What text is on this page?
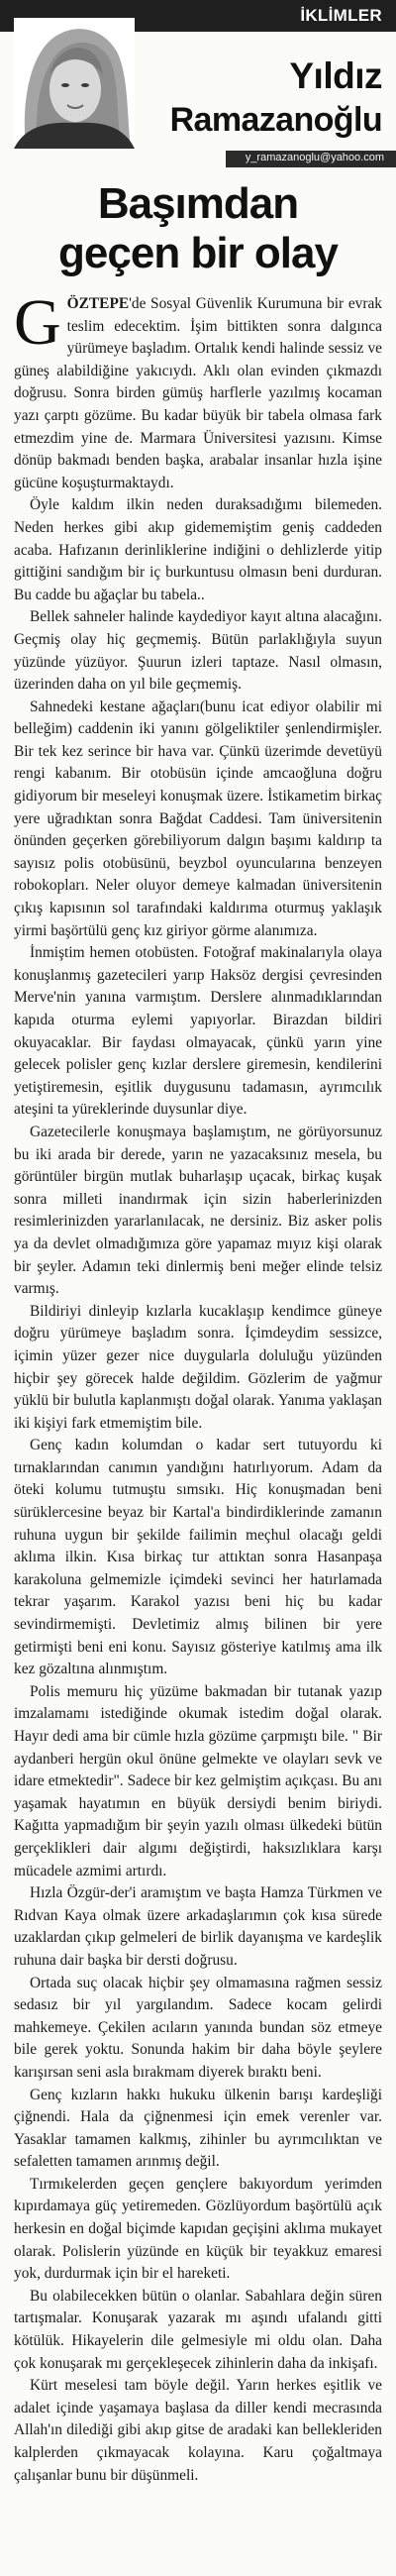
İKLİMLER
Yıldız
Ramazanoğlu
y_ramazanoglu@yahoo.com
Başımdan
geçen bir olay

GÖZTEPE'de Sosyal Güvenlik Kurumuna bir evrak teslim edecektim. İşim bittikten sonra dalgınca yürümeye başladım. Ortalık kendi halinde sessiz ve güneş alabildiğine yakıcıydı. Aklı olan evinden çıkmazdı doğrusu. Sonra birden gümüş harflerle yazılmış kocaman yazı çarptı gözüme. Bu kadar büyük bir tabela olmasa fark etmezdim yine de. Marmara Üniversitesi yazısını. Kimse dönüp bakmadı benden başka, arabalar insanlar hızla işine gücüne koşuşturmaktaydı.

Öyle kaldım ilkin neden duraksadığımı bilemeden. Neden herkes gibi akıp gidememiştim geniş caddeden acaba. Hafızanın derinliklerine indiğini o dehlizlerde yitip gittiğini sandığım bir iç burkuntusu olmasın beni durduran. Bu cadde bu ağaçlar bu tabela..

Bellek sahneler halinde kaydediyor kayıt altına alacağını. Geçmiş olay hiç geçmemiş. Bütün parlaklığıyla suyun yüzünde yüzüyor. Şuurun izleri taptaze. Nasıl olmasın, üzerinden daha on yıl bile geçmemiş.

Sahnedeki kestane ağaçları(bunu icat ediyor olabilir mi belleğim) caddenin iki yanını gölgeliktiler şenlendirmişler. Bir tek kez serince bir hava var. Çünkü üzerimde devetüyü rengi kabanım. Bir otobüsün içinde amcaoğluna doğru gidiyorum bir meseleyi konuşmak üzere. İstikametim birkaç yere uğradıktan sonra Bağdat Caddesi. Tam üniversitenin önünden geçerken görebiliyorum dalgın başımı kaldırıp ta sayısız polis otobüsünü, beyzbol oyuncularına benzeyen robokopları. Neler oluyor demeye kalmadan üniversitenin çıkış kapısının sol tarafındaki kaldırıma oturmuş yaklaşık yirmi başörtülü genç kız giriyor görme alanımıza.

İnmiştim hemen otobüsten. Fotoğraf makinalarıyla olaya konuşlanmış gazetecileri yarıp Haksöz dergisi çevresinden Merve'nin yanına varmıştım. Derslere alınmadıklarından kapıda oturma eylemi yapıyorlar. Birazdan bildiri okuyacaklar. Bir faydası olmayacak, çünkü yarın yine gelecek polisler genç kızlar derslere giremesin, kendilerini yetiştiremesin, eşitlik duygusunu tadamasın, ayrımcılık ateşini ta yüreklerinde duysunlar diye.

Gazetecilerle konuşmaya başlamıştım, ne görüyorsunuz bu iki arada bir derede, yarın ne yazacaksınız mesela, bu görüntüler birgün mutlak buharlaşıp uçacak, birkaç kuşak sonra milleti inandırmak için sizin haberlerinizden resimlerinizden yararlanılacak, ne dersiniz. Biz asker polis ya da devlet olmadığımıza göre yapamaz mıyız kişi olarak bir şeyler. Adamın teki dinlermiş beni meğer elinde telsiz varmış.

Bildiriyi dinleyip kızlarla kucaklaşıp kendimce güneye doğru yürümeye başladım sonra. İçimdeydim sessizce, içimin yüzer gezer nice duygularla doluluğu yüzünden hiçbir şey görecek halde değildim. Gözlerim de yağmur yüklü bir bulutla kaplanmıştı doğal olarak. Yanıma yaklaşan iki kişiyi fark etmemiştim bile.

Genç kadın kolumdan o kadar sert tutuyordu ki tırnaklarından canımın yandığını hatırlıyorum. Adam da öteki kolumu tutmuştu sımsıkı. Hiç konuşmadan beni sürüklercesine beyaz bir Kartal'a bindirdiklerinde zamanın ruhuna uygun bir şekilde failimin meçhul olacağı geldi aklıma ilkin. Kısa birkaç tur attıktan sonra Hasanpaşa karakoluna gelmemizle içimdeki sevinci her hatırlamada tekrar yaşarım. Karakol yazısı beni hiç bu kadar sevindirmemişti. Devletimiz almış bilinen bir yere getirmişti beni eni konu. Sayısız gösteriye katılmış ama ilk kez gözaltına alınmıştım.

Polis memuru hiç yüzüme bakmadan bir tutanak yazıp imzalamamı istediğinde okumak istedim doğal olarak. Hayır dedi ama bir cümle hızla gözüme çarpmıştı bile. " Bir aydanberi hergün okul önüne gelmekte ve olayları sevk ve idare etmektedir". Sadece bir kez gelmiştim açıkçası. Bu anı yaşamak hayatımın en büyük dersiydi benim biriydi. Kağıtta yapmadığım bir şeyin yazılı olması ülkedeki bütün gerçeklikleri dair algımı değiştirdi, haksızlıklara karşı mücadele azmimi artırdı.

Hızla Özgür-der'i aramıştım ve başta Hamza Türkmen ve Rıdvan Kaya olmak üzere arkadaşlarımın çok kısa sürede uzaklardan çıkıp gelmeleri de birlik dayanışma ve kardeşlik ruhuna dair başka bir dersti doğrusu.

Ortada suç olacak hiçbir şey olmamasına rağmen sessiz sedasız bir yıl yargılandım. Sadece kocam gelirdi mahkemeye. Çekilen acıların yanında bundan söz etmeye bile gerek yoktu. Sonunda hakim bir daha böyle şeylere karışırsan seni asla bırakmam diyerek bıraktı beni.

Genç kızların hakkı hukuku ülkenin barışı kardeşliği çiğnendi. Hala da çiğnenmesi için emek verenler var. Yasaklar tamamen kalkmış, zihinler bu ayrımcılıktan ve sefaletten tamamen arınmış değil.

Tırmıkelerden geçen gençlere bakıyordum yerimden kıpırdamaya güç yetiremeden. Gözlüyordum başörtülü açık herkesin en doğal biçimde kapıdan geçişini aklıma mukayet olarak. Polislerin yüzünde en küçük bir teyakkuz emaresi yok, durdurmak için bir el hareketi.

Bu olabilecekken bütün o olanlar. Sabahlara değin süren tartışmalar. Konuşarak yazarak mı aşındı ufalandı gitti kötülük. Hikayelerin dile gelmesiyle mi oldu olan. Daha çok konuşarak mı gerçekleşecek zihinlerin daha da inkişafı.

Kürt meselesi tam böyle değil. Yarın herkes eşitlik ve adalet içinde yaşamaya başlasa da diller kendi mecrasında Allah'ın dilediği gibi akıp gitse de aradaki kan bellekleriden kalplerden çıkmayacak kolayına. Karu çoğaltmaya çalışanlar bunu bir düşünmeli.
